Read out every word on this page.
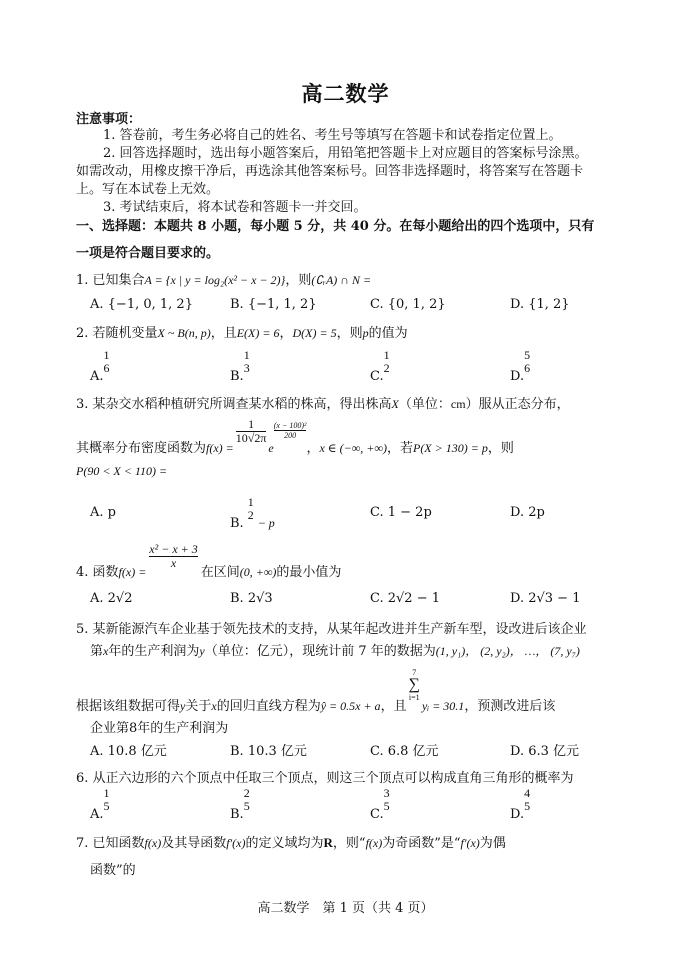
高二数学
注意事项：
1. 答卷前，考生务必将自己的姓名、考生号等填写在答题卡和试卷指定位置上。
2. 回答选择题时，选出每小题答案后，用铅笔把答题卡上对应题目的答案标号涂黑。
如需改动，用橡皮擦干净后，再选涂其他答案标号。回答非选择题时，将答案写在答题卡
上。写在本试卷上无效。
3. 考试结束后，将本试卷和答题卡一并交回。
一、选择题：本题共 8 小题，每小题 5 分，共 40 分。在每小题给出的四个选项中，只有
一项是符合题目要求的。
1. 已知集合A = {x | y = log₂(x² − x − 2)}，则(∁ᵣA) ∩ N =
A. {−1, 0, 1, 2}	B. {−1, 1, 2}	C. {0, 1, 2}	D. {1, 2}
2. 若随机变量X ~ B(n, p)，且E(X) = 6，D(X) = 5，则p的值为
A.
1
6
B.
1
3
C.
1
2
D.
5
6
3. 某杂交水稻种植研究所调查某水稻的株高，得出株高X（单位：cm）服从正态分布，
其概率分布密度函数为f(x) =
$\frac{1}{10√2\pi}$
e
$\frac{\text{(x − 100)²}}{200}$
，x ∈ (−∞, +∞)，若P(X > 130) = p，则
P(90 < X < 110) =
A. p
B.
1
2
− p
C. 1 − 2p	D. 2p
4. 函数f(x) =
$\frac{\text{x² − x + 3}}{x}$
在区间(0, +∞)的最小值为
A. 2√2	B. 2√3	C. 2√2 − 1	D. 2√3 − 1
5. 某新能源汽车企业基于领先技术的支持，从某年起改进并生产新车型，设改进后该企业
第x年的生产利润为y（单位：亿元），现统计前 7 年的数据为(1, y₁)， (2, y₂)， …， (7, y₇)
根据该组数据可得y关于x的回归直线方程为ŷ = 0.5x + a，且
7
∑
i=1
yᵢ = 30.1，预测改进后该
企业第8年的生产利润为
A. 10.8 亿元	B. 10.3 亿元	C. 6.8 亿元	D. 6.3 亿元
6. 从正六边形的六个顶点中任取三个顶点，则这三个顶点可以构成直角三角形的概率为
A.
1
5
B.
2
5
C.
3
5
D.
4
5
7. 已知函数f(x)及其导函数f′(x)的定义域均为R，则“f(x)为奇函数”是“f′(x)为偶
函数”的
高二数学　第 1 页（共 4 页）
